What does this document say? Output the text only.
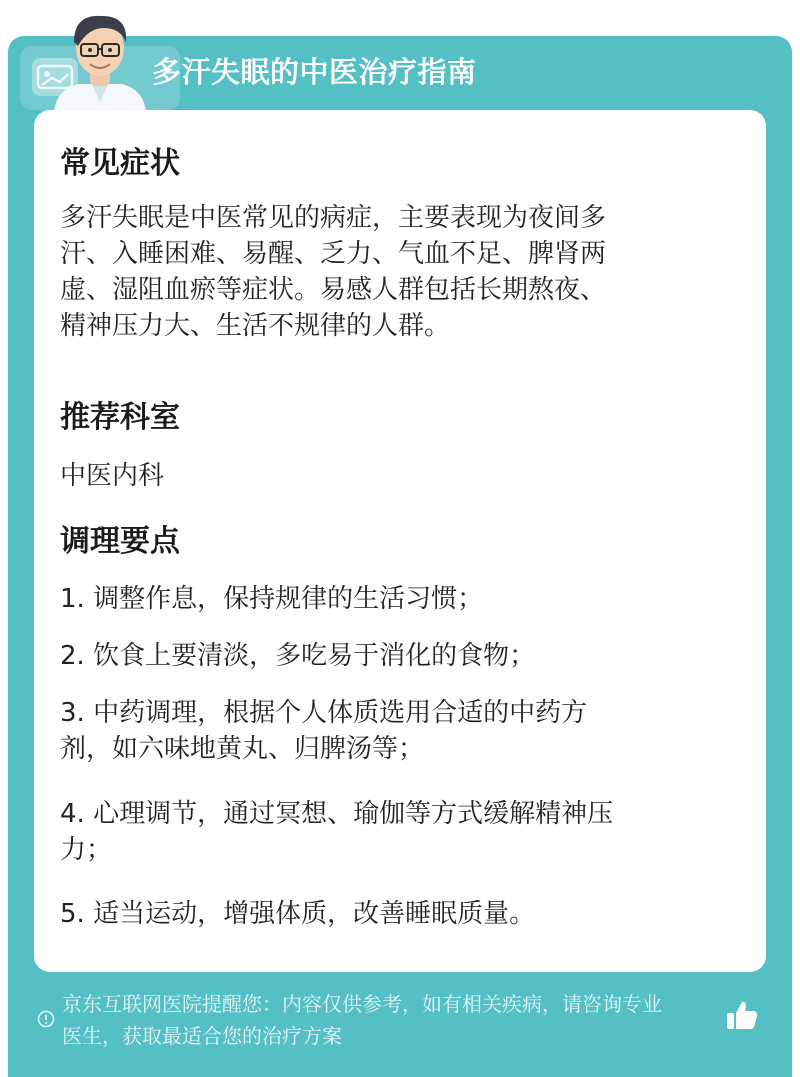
多汗失眠的中医治疗指南
常见症状
多汗失眠是中医常见的病症，主要表现为夜间多
汗、入睡困难、易醒、乏力、气血不足、脾肾两
虚、湿阻血瘀等症状。易感人群包括长期熬夜、
精神压力大、生活不规律的人群。
推荐科室
中医内科
调理要点
1. 调整作息，保持规律的生活习惯；
2. 饮食上要清淡，多吃易于消化的食物；
3. 中药调理，根据个人体质选用合适的中药方
剂，如六味地黄丸、归脾汤等；
4. 心理调节，通过冥想、瑜伽等方式缓解精神压
力；
5. 适当运动，增强体质，改善睡眠质量。
京东互联网医院提醒您：内容仅供参考，如有相关疾病，请咨询专业
医生，获取最适合您的治疗方案
